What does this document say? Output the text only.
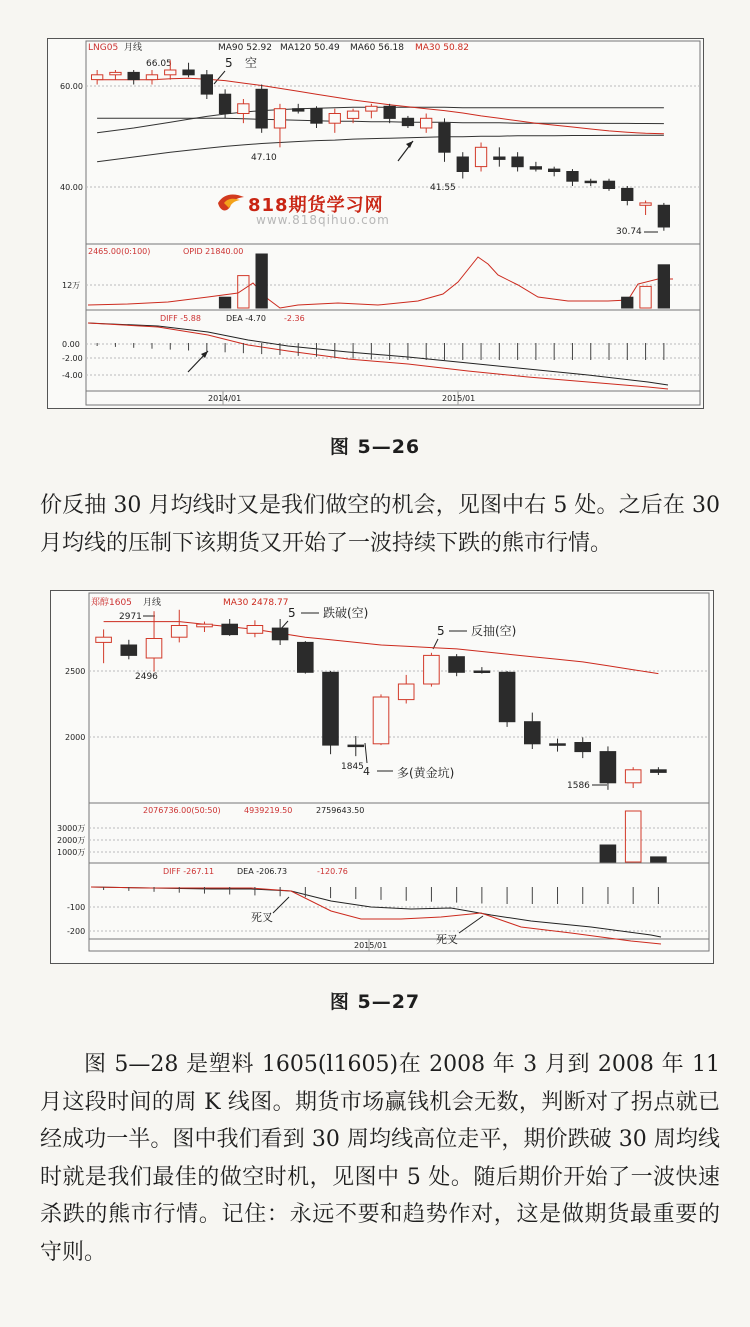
LNG05 月线	MA90 52.92 MA120 50.49 MA60 56.18 MA30 50.82
60.00
40.00
66.05	5 空
47.10
41.55
30.74
2465.00(0:100)	OPID 21840.00
12万
DIFF -5.88	DEA -4.70 -2.36
0.00
-2.00
-4.00
2014/01	2015/01
818期货学习网
www.818qihuo.com
图 5—26

价反抽 30 月均线时又是我们做空的机会，见图中右 5 处。之后在 30 月均线的压制下该期货又开始了一波持续下跌的熊市行情。

郑醇1605 月线	MA30 2478.77
2500
2000
2971
2496
5 跌破(空)
5 反抽(空)
1845 4 多(黄金坑)
1586
2076736.00(50:50)	4939219.50	2759643.50
3000万
2000万
1000万
DIFF -267.11	DEA -206.73	-120.76
-100
-200
死叉
死叉
2015/01
图 5—27

图 5—28 是塑料 1605(l1605)在 2008 年 3 月到 2008 年 11 月这段时间的周 K 线图。期货市场赢钱机会无数，判断对了拐点就已经成功一半。图中我们看到 30 周均线高位走平，期价跌破 30 周均线时就是我们最佳的做空时机，见图中 5 处。随后期价开始了一波快速杀跌的熊市行情。记住：永远不要和趋势作对，这是做期货最重要的守则。
